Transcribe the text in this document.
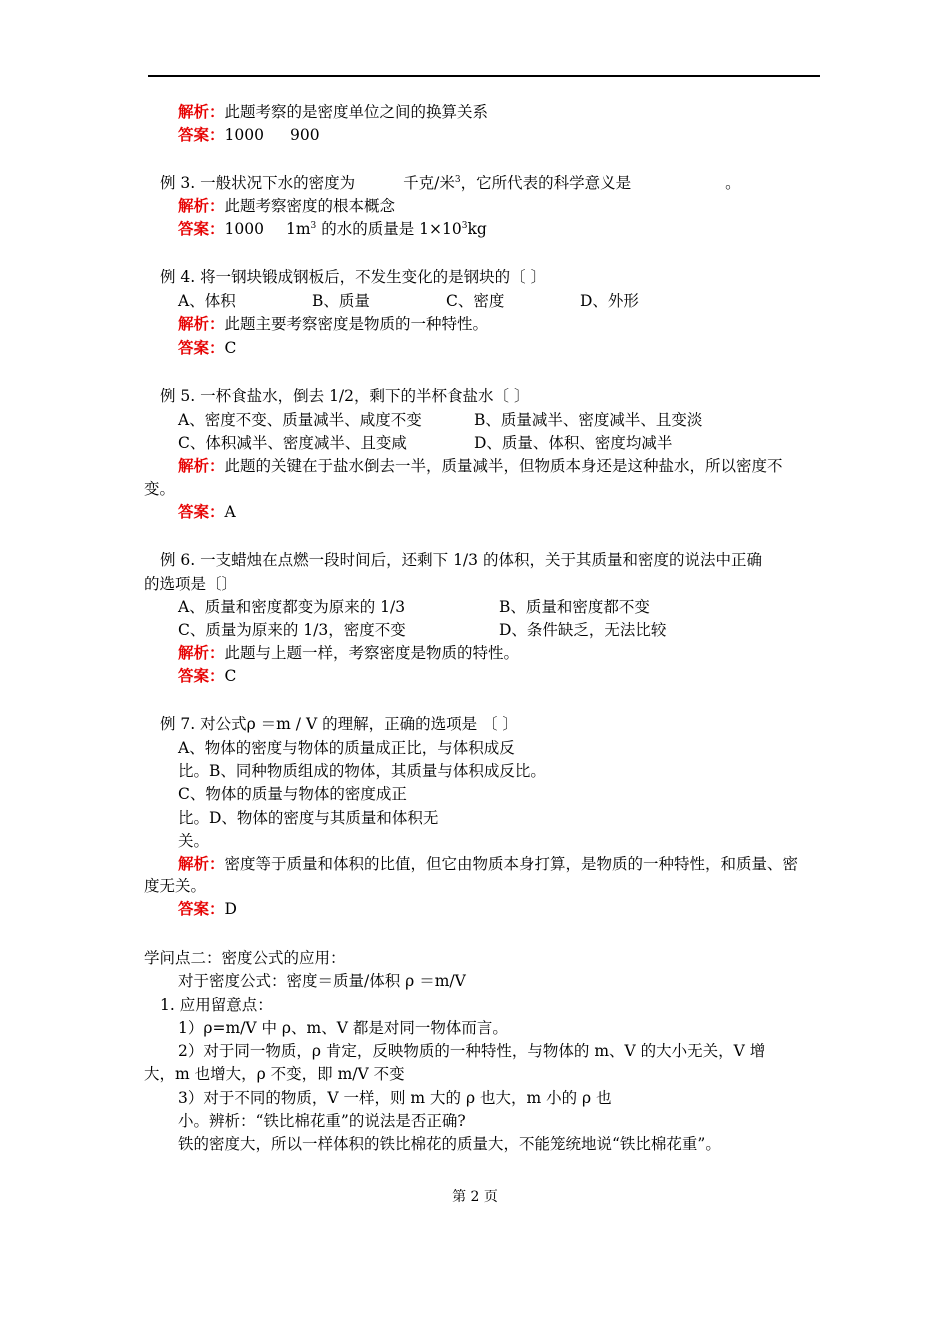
解析：此题考察的是密度单位之间的换算关系
答案：1000 900
例 3. 一般状况下水的密度为	千克/米$^3$，它所代表的科学意义是	。
解析：此题考察密度的根本概念
答案：1000 $1m^3$ 的水的质量是 $1\times 10^3kg$
例 4. 将一钢块锻成钢板后，不发生变化的是钢块的〔 〕
A、体积	B、质量	C、密度	D、外形
解析：此题主要考察密度是物质的一种特性。
答案：C
例 5. 一杯食盐水，倒去 1/2，剩下的半杯食盐水〔 〕
A、密度不变、质量减半、咸度不变	B、质量减半、密度减半、且变淡
C、体积减半、密度减半、且变咸	D、质量、体积、密度均减半
解析：此题的关键在于盐水倒去一半，质量减半，但物质本身还是这种盐水，所以密度不
变。
答案：A
例 6. 一支蜡烛在点燃一段时间后，还剩下 1/3 的体积，关于其质量和密度的说法中正确
的选项是〔〕
A、质量和密度都变为原来的 1/3	B、质量和密度都不变
C、质量为原来的 1/3，密度不变	D、条件缺乏，无法比较
解析：此题与上题一样，考察密度是物质的特性。
答案：C
例 7. 对公式ρ ＝m / V 的理解，正确的选项是 〔 〕
A、物体的密度与物体的质量成正比，与体积成反
比。B、同种物质组成的物体，其质量与体积成反比。
C、物体的质量与物体的密度成正
比。D、物体的密度与其质量和体积无
关。
解析：密度等于质量和体积的比值，但它由物质本身打算，是物质的一种特性，和质量、密
度无关。
答案：D
学问点二：密度公式的应用：
对于密度公式：密度＝质量/体积 ρ ＝m/V
1. 应用留意点：
1）ρ=m/V 中 ρ、m、V 都是对同一物体而言。
2）对于同一物质，ρ 肯定，反映物质的一种特性，与物体的 m、V 的大小无关，V 增
大，m 也增大，ρ 不变，即 m/V 不变
3）对于不同的物质，V 一样，则 m 大的 ρ 也大，m 小的 ρ 也
小。辨析：“铁比棉花重”的说法是否正确?
铁的密度大，所以一样体积的铁比棉花的质量大，不能笼统地说“铁比棉花重”。
第 2 页
